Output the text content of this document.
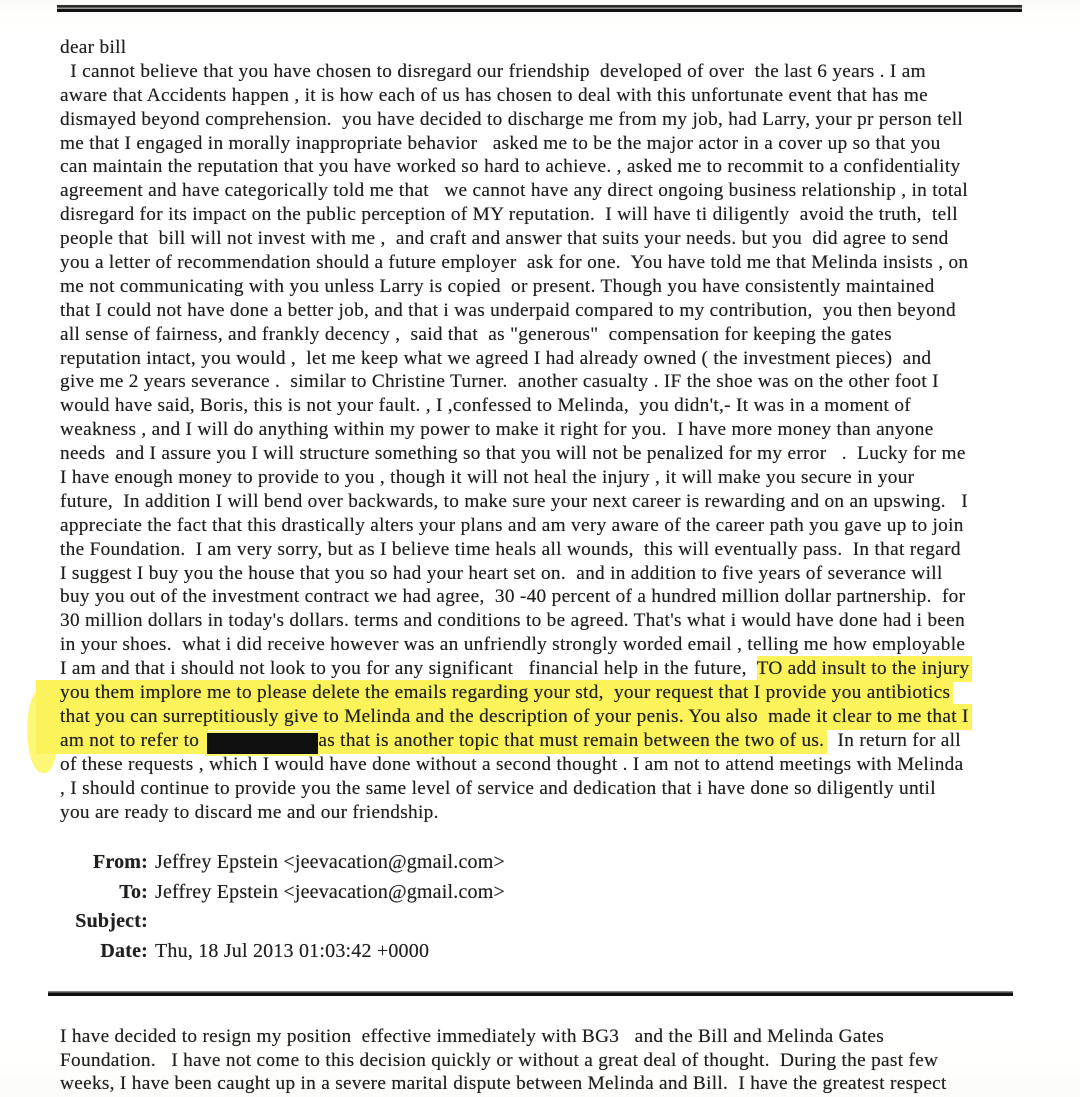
dear bill
I cannot believe that you have chosen to disregard our friendship  developed of over  the last 6 years . I am
aware that Accidents happen , it is how each of us has chosen to deal with this unfortunate event that has me
dismayed beyond comprehension.  you have decided to discharge me from my job, had Larry, your pr person tell
me that I engaged in morally inappropriate behavior   asked me to be the major actor in a cover up so that you
can maintain the reputation that you have worked so hard to achieve. , asked me to recommit to a confidentiality
agreement and have categorically told me that   we cannot have any direct ongoing business relationship , in total
disregard for its impact on the public perception of MY reputation.  I will have ti diligently  avoid the truth,  tell
people that  bill will not invest with me ,  and craft and answer that suits your needs. but you  did agree to send
you a letter of recommendation should a future employer  ask for one.  You have told me that Melinda insists , on
me not communicating with you unless Larry is copied  or present. Though you have consistently maintained
that I could not have done a better job, and that i was underpaid compared to my contribution,  you then beyond
all sense of fairness, and frankly decency ,  said that  as "generous"  compensation for keeping the gates
reputation intact, you would ,  let me keep what we agreed I had already owned ( the investment pieces)  and
give me 2 years severance .  similar to Christine Turner.  another casualty . IF the shoe was on the other foot I
would have said, Boris, this is not your fault. , I ,confessed to Melinda,  you didn't,- It was in a moment of
weakness , and I will do anything within my power to make it right for you.  I have more money than anyone
needs  and I assure you I will structure something so that you will not be penalized for my error   .  Lucky for me
I have enough money to provide to you , though it will not heal the injury , it will make you secure in your
future,  In addition I will bend over backwards, to make sure your next career is rewarding and on an upswing.   I
appreciate the fact that this drastically alters your plans and am very aware of the career path you gave up to join
the Foundation.  I am very sorry, but as I believe time heals all wounds,  this will eventually pass.  In that regard
I suggest I buy you the house that you so had your heart set on.  and in addition to five years of severance will
buy you out of the investment contract we had agree,  30 -40 percent of a hundred million dollar partnership.  for
30 million dollars in today's dollars. terms and conditions to be agreed. That's what i would have done had i been
in your shoes.  what i did receive however was an unfriendly strongly worded email , telling me how employable
I am and that i should not look to you for any significant   financial help in the future,  TO add insult to the injury
you them implore me to please delete the emails regarding your std,  your request that I provide you antibiotics
that you can surreptitiously give to Melinda and the description of your penis. You also  made it clear to me that I
am not to refer to	as that is another topic that must remain between the two of us.  In return for all
of these requests , which I would have done without a second thought . I am not to attend meetings with Melinda
, I should continue to provide you the same level of service and dedication that i have done so diligently until
you are ready to discard me and our friendship.
From: Jeffrey Epstein <jeevacation@gmail.com>
To: Jeffrey Epstein <jeevacation@gmail.com>
Subject:
Date: Thu, 18 Jul 2013 01:03:42 +0000
I have decided to resign my position  effective immediately with BG3   and the Bill and Melinda Gates
Foundation.   I have not come to this decision quickly or without a great deal of thought.  During the past few
weeks, I have been caught up in a severe marital dispute between Melinda and Bill.  I have the greatest respect
